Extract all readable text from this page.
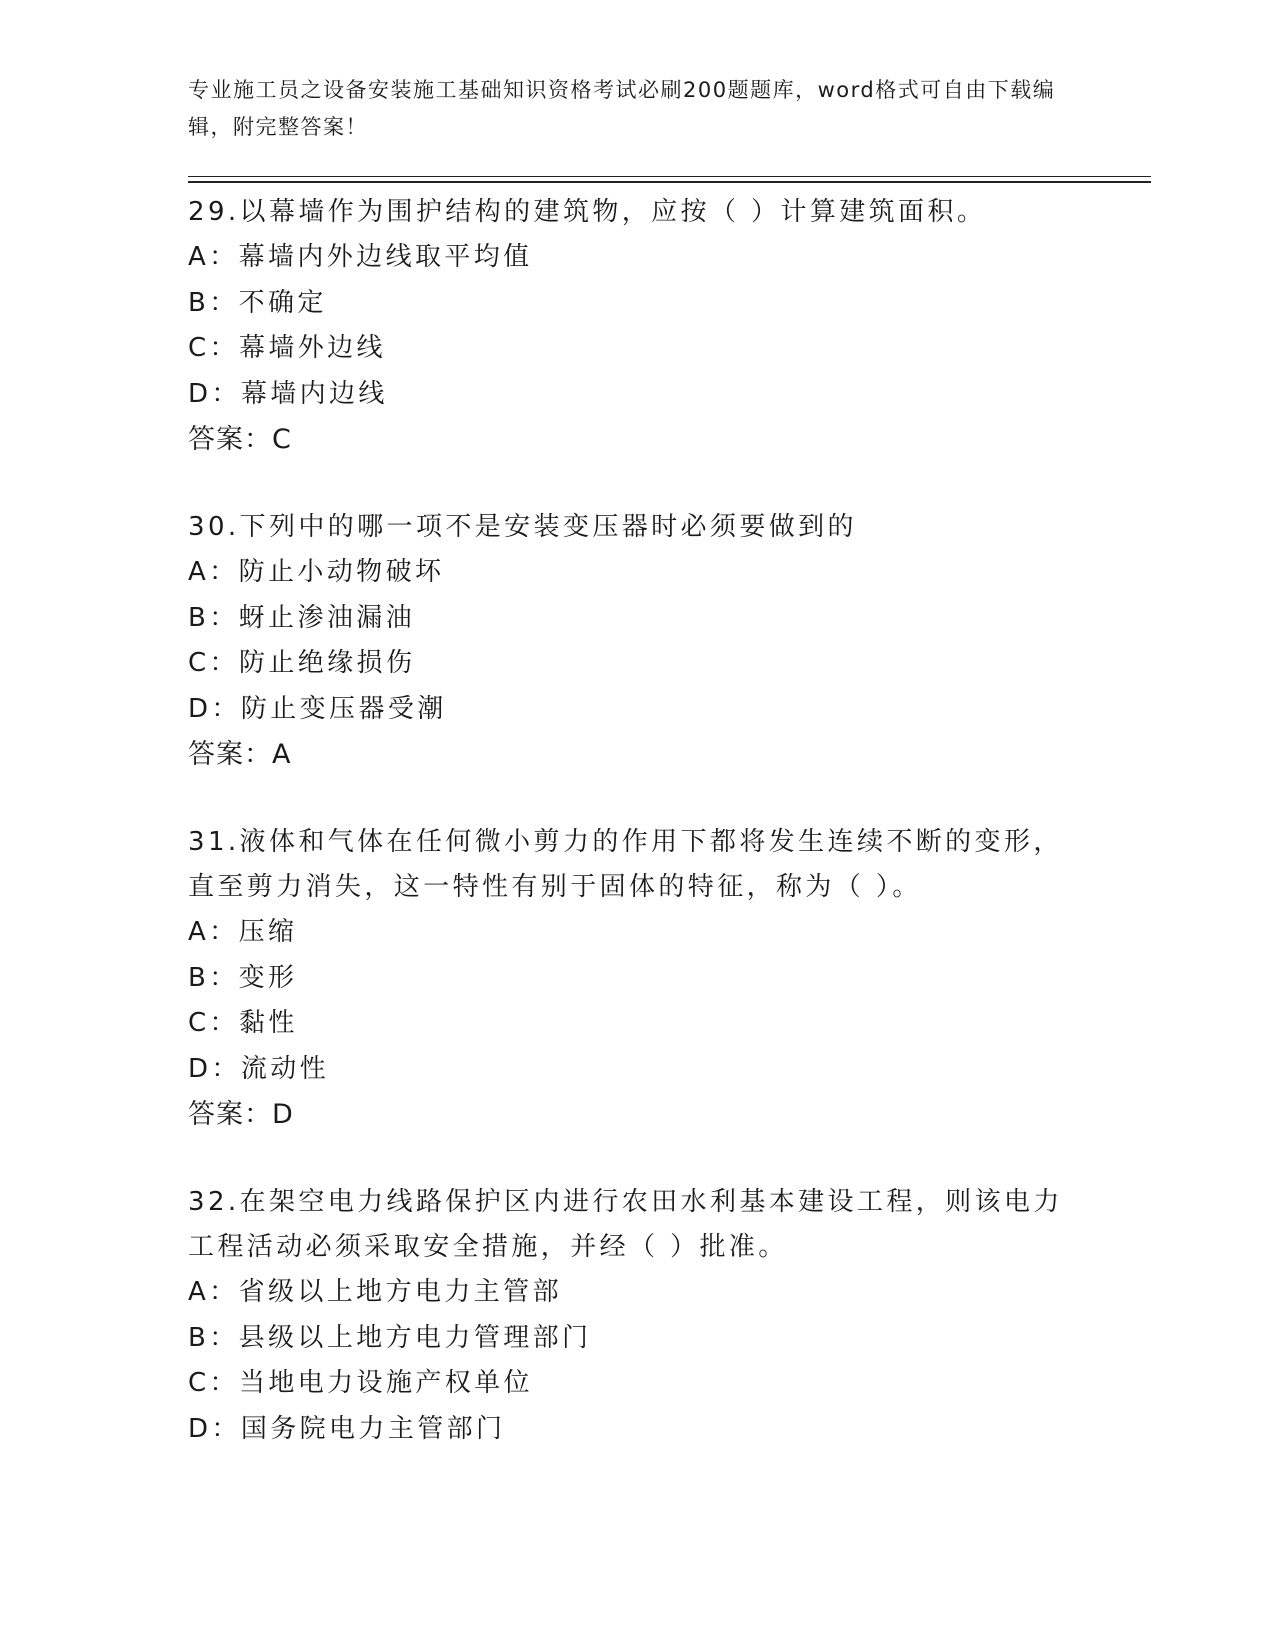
专业施工员之设备安装施工基础知识资格考试必刷200题题库，word格式可自由下载编辑，附完整答案！
29.以幕墙作为围护结构的建筑物，应按（ ）计算建筑面积。
A：幕墙内外边线取平均值
B：不确定
C：幕墙外边线
D：幕墙内边线
答案：C
30.下列中的哪一项不是安装变压器时必须要做到的
A：防止小动物破坏
B：蚜止渗油漏油
C：防止绝缘损伤
D：防止变压器受潮
答案：A
31.液体和气体在任何微小剪力的作用下都将发生连续不断的变形，直至剪力消失，这一特性有别于固体的特征，称为（ ）。
A：压缩
B：变形
C：黏性
D：流动性
答案：D
32.在架空电力线路保护区内进行农田水利基本建设工程，则该电力工程活动必须采取安全措施，并经（ ）批准。
A：省级以上地方电力主管部
B：县级以上地方电力管理部门
C：当地电力设施产权单位
D：国务院电力主管部门
